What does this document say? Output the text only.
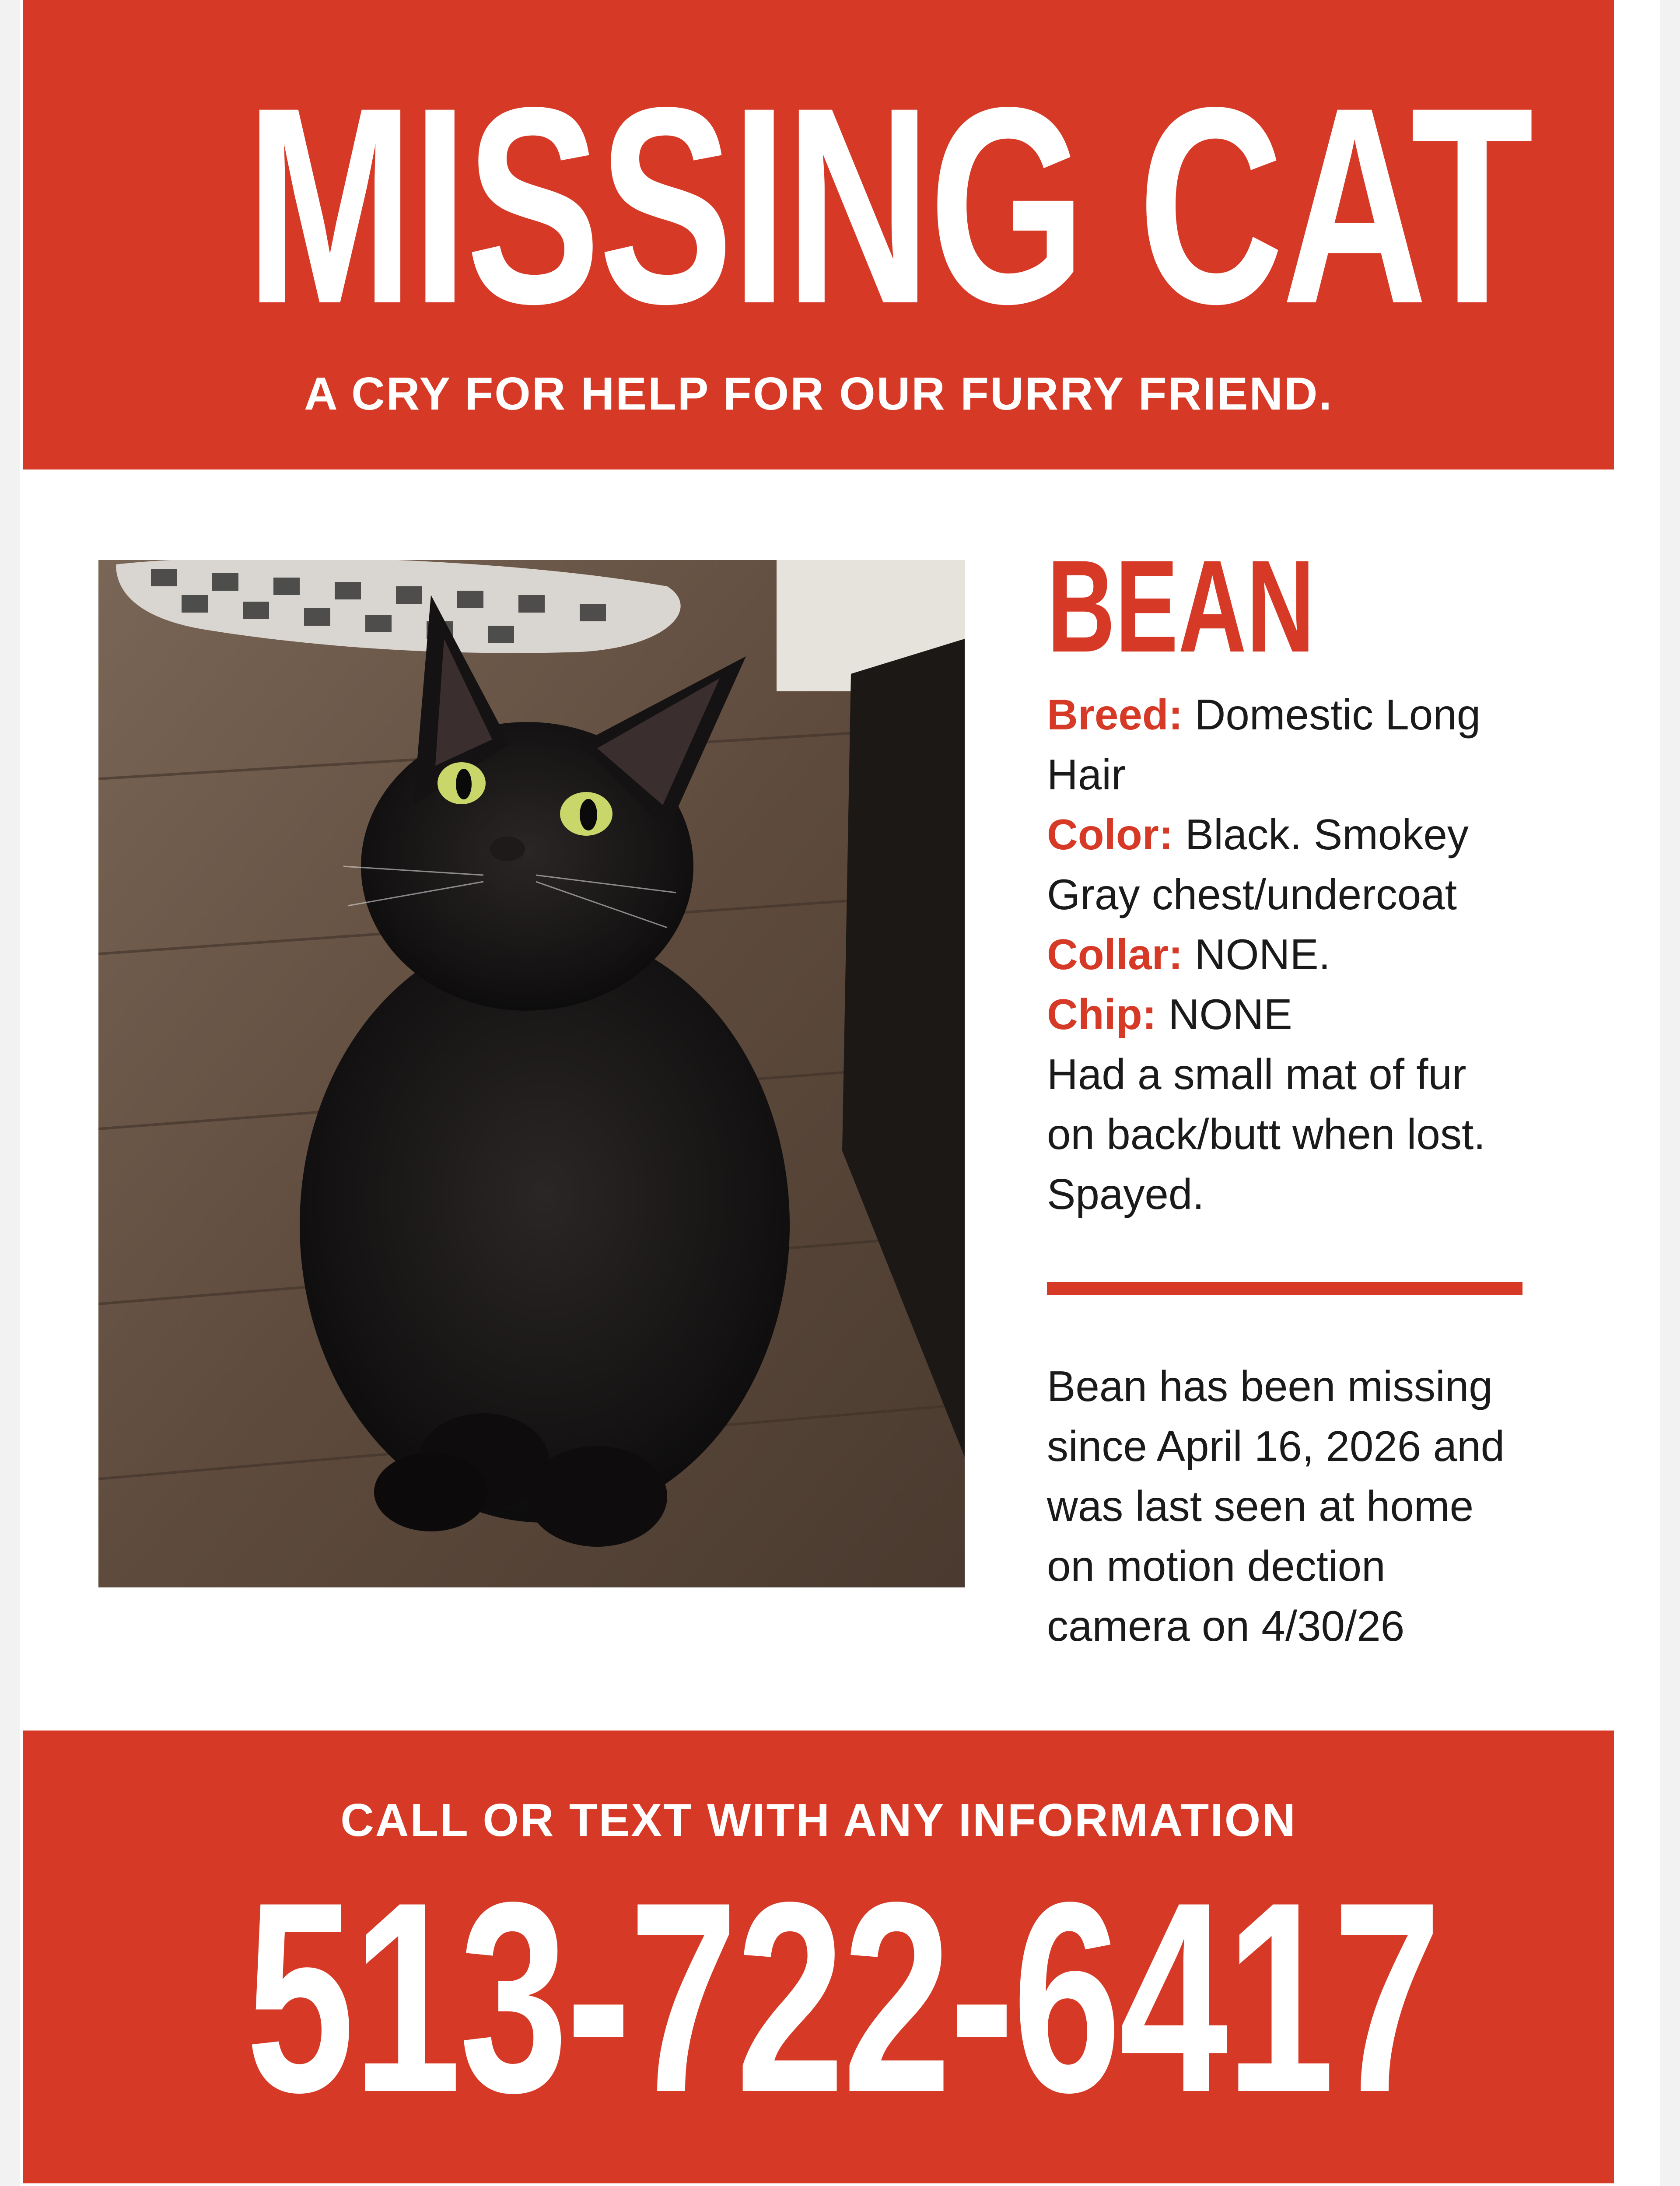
MISSING CAT
A CRY FOR HELP FOR OUR FURRY FRIEND.
BEAN
Breed: Domestic Long
Hair
Color: Black. Smokey
Gray chest/undercoat
Collar: NONE.
Chip: NONE
Had a small mat of fur
on back/butt when lost.
Spayed.
Bean has been missing
since April 16, 2026 and
was last seen at home
on motion dection
camera on 4/30/26
CALL OR TEXT WITH ANY INFORMATION
513-722-6417
